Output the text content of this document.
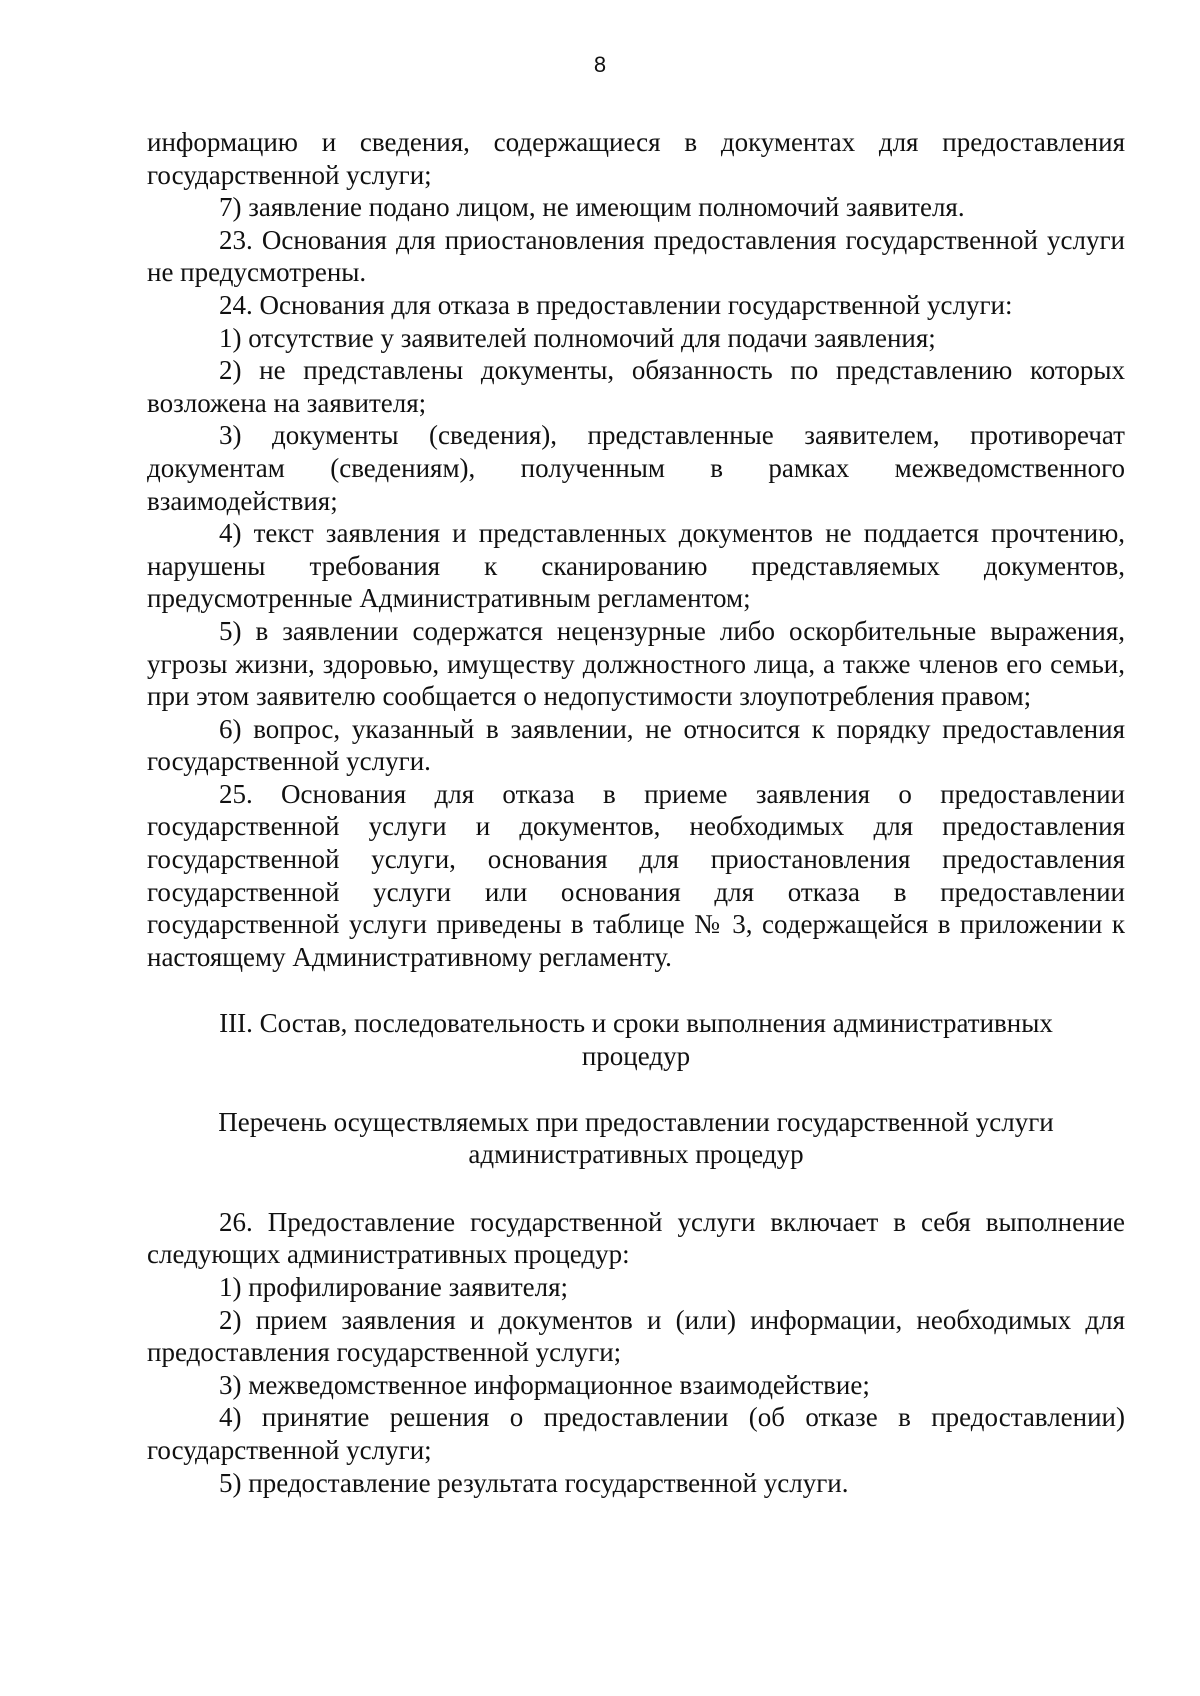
8

информацию и сведения, содержащиеся в документах для предоставления государственной услуги;

7) заявление подано лицом, не имеющим полномочий заявителя.

23. Основания для приостановления предоставления государственной услуги не предусмотрены.

24. Основания для отказа в предоставлении государственной услуги:

1) отсутствие у заявителей полномочий для подачи заявления;

2) не представлены документы, обязанность по представлению которых возложена на заявителя;

3) документы (сведения), представленные заявителем, противоречат документам (сведениям), полученным в рамках межведомственного взаимодействия;

4) текст заявления и представленных документов не поддается прочтению, нарушены требования к сканированию представляемых документов, предусмотренные Административным регламентом;

5) в заявлении содержатся нецензурные либо оскорбительные выражения, угрозы жизни, здоровью, имуществу должностного лица, а также членов его семьи, при этом заявителю сообщается о недопустимости злоупотребления правом;

6) вопрос, указанный в заявлении, не относится к порядку предоставления государственной услуги.

25. Основания для отказа в приеме заявления о предоставлении государственной услуги и документов, необходимых для предоставления государственной услуги, основания для приостановления предоставления государственной услуги или основания для отказа в предоставлении государственной услуги приведены в таблице № 3, содержащейся в приложении к настоящему Административному регламенту.

III. Состав, последовательность и сроки выполнения административных
процедур
Перечень осуществляемых при предоставлении государственной услуги
административных процедур

26. Предоставление государственной услуги включает в себя выполнение следующих административных процедур:

1) профилирование заявителя;

2) прием заявления и документов и (или) информации, необходимых для предоставления государственной услуги;

3) межведомственное информационное взаимодействие;

4) принятие решения о предоставлении (об отказе в предоставлении) государственной услуги;

5) предоставление результата государственной услуги.
